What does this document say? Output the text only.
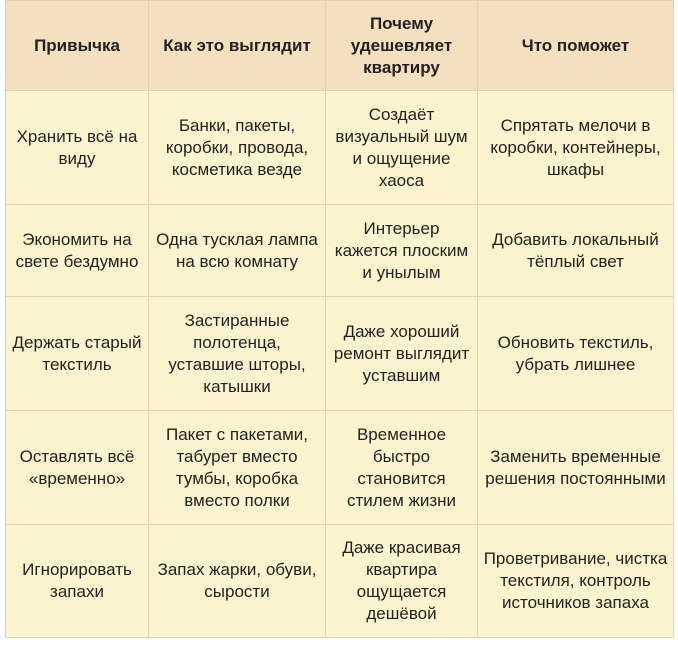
Привычка	Как это выглядит	Почему удешевляет квартиру	Что поможет
Хранить всё на виду	Банки, пакеты, коробки, провода, косметика везде	Создаёт визуальный шум и ощущение хаоса	Спрятать мелочи в коробки, контейнеры, шкафы
Экономить на свете бездумно	Одна тусклая лампа на всю комнату	Интерьер кажется плоским и унылым	Добавить локальный тёплый свет
Держать старый текстиль	Застиранные полотенца, уставшие шторы, катышки	Даже хороший ремонт выглядит уставшим	Обновить текстиль, убрать лишнее
Оставлять всё «временно»	Пакет с пакетами, табурет вместо тумбы, коробка вместо полки	Временное быстро становится стилем жизни	Заменить временные решения постоянными
Игнорировать запахи	Запах жарки, обуви, сырости	Даже красивая квартира ощущается дешёвой	Проветривание, чистка текстиля, контроль источников запаха
